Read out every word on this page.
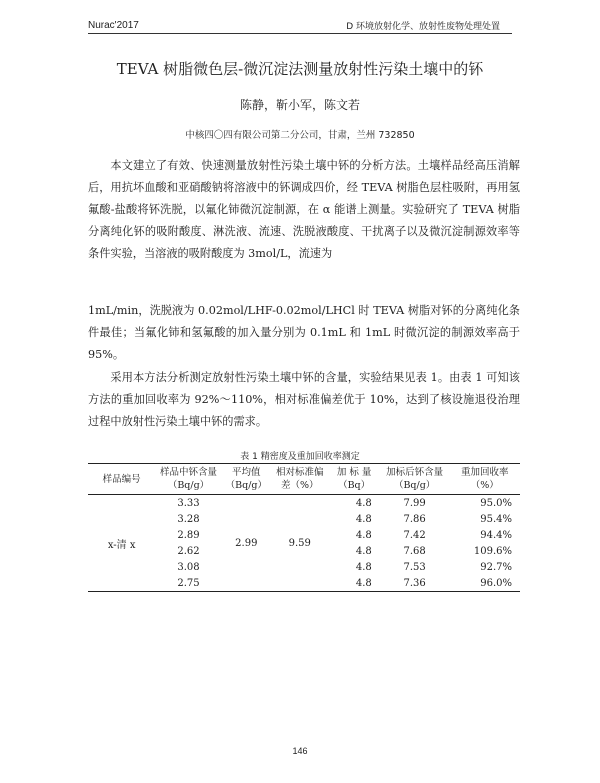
Nurac'2017	D 环境放射化学、放射性废物处理处置
TEVA 树脂微色层-微沉淀法测量放射性污染土壤中的钚
陈静，靳小军，陈文若
中核四〇四有限公司第二分公司，甘肃，兰州 732850

本文建立了有效、快速测量放射性污染土壤中钚的分析方法。土壤样品经高压消解后，用抗坏血酸和亚硝酸钠将溶液中的钚调成四价，经 TEVA 树脂色层柱吸附，再用氢氟酸-盐酸将钚洗脱，以氟化铈微沉淀制源，在 α 能谱上测量。实验研究了 TEVA 树脂分离纯化钚的吸附酸度、淋洗液、流速、洗脱液酸度、干扰离子以及微沉淀制源效率等条件实验，当溶液的吸附酸度为 3mol/L，流速为

1mL/min，洗脱液为 0.02mol/LHF-0.02mol/LHCl 时 TEVA 树脂对钚的分离纯化条件最佳；当氟化铈和氢氟酸的加入量分别为 0.1mL 和 1mL 时微沉淀的制源效率高于 95%。

采用本方法分析测定放射性污染土壤中钚的含量，实验结果见表 1。由表 1 可知该方法的重加回收率为 92%～110%，相对标准偏差优于 10%，达到了核设施退役治理过程中放射性污染土壤中钚的需求。

表 1 精密度及重加回收率测定
样品编号	样品中钚含量（Bq/g）	平均值（Bq/g）	相对标准偏差（%）	加 标 量（Bq）	加标后钚含量（Bq/g）	重加回收率（%）
x-清 x	3.33	2.99	9.59	4.8	7.99	95.0%
	3.28			4.8	7.86	95.4%
	2.89			4.8	7.42	94.4%
	2.62			4.8	7.68	109.6%
	3.08			4.8	7.53	92.7%
	2.75			4.8	7.36	96.0%
146
